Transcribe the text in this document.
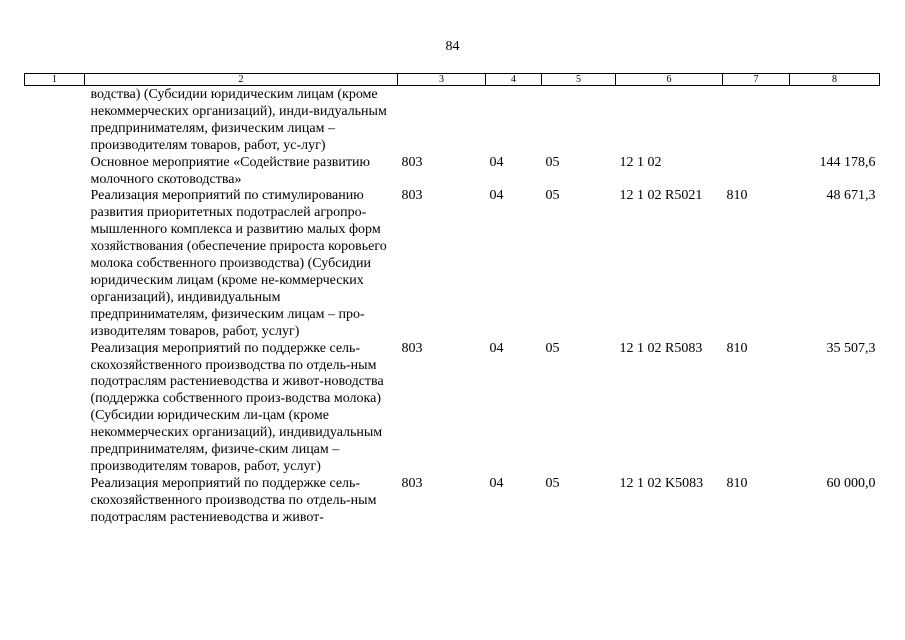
84
1	2	3	4	5	6	7	8
	водства) (Субсидии юридическим лицам (кроме некоммерческих организаций), инди-видуальным предпринимателям, физическим лицам – производителям товаров, работ, ус-луг)						
	Основное мероприятие «Содействие развитию молочного скотоводства»	803	04	05	12 1 02		144 178,6
	Реализация мероприятий по стимулированию развития приоритетных подотраслей агропро-мышленного комплекса и развитию малых форм хозяйствования (обеспечение прироста коровьего молока собственного производства) (Субсидии юридическим лицам (кроме не-коммерческих организаций), индивидуальным предпринимателям, физическим лицам – про-изводителям товаров, работ, услуг)	803	04	05	12 1 02 R5021	810	48 671,3
	Реализация мероприятий по поддержке сель-скохозяйственного производства по отдель-ным подотраслям растениеводства и живот-новодства (поддержка собственного произ-водства молока) (Субсидии юридическим ли-цам (кроме некоммерческих организаций), индивидуальным предпринимателям, физиче-ским лицам – производителям товаров, работ, услуг)	803	04	05	12 1 02 R5083	810	35 507,3
	Реализация мероприятий по поддержке сель-скохозяйственного производства по отдель-ным подотраслям растениеводства и живот-	803	04	05	12 1 02 K5083	810	60 000,0
